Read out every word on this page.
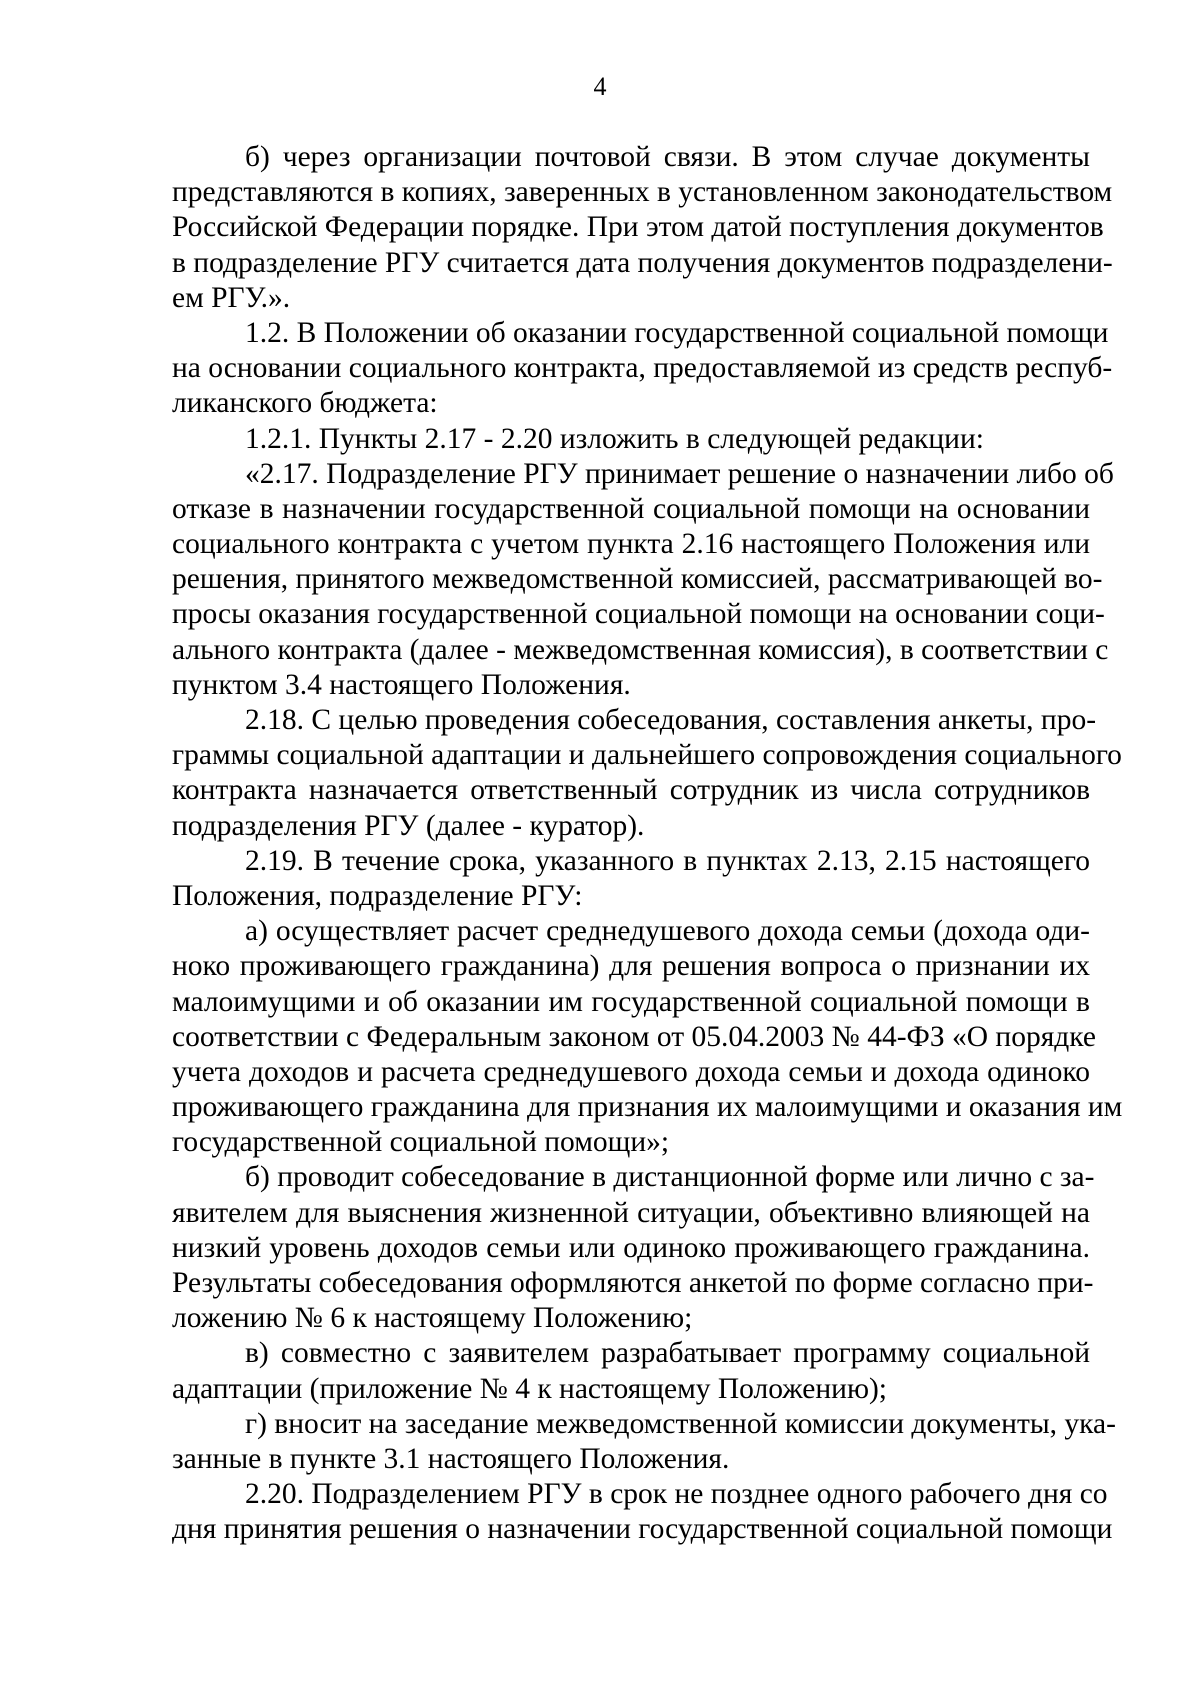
4
б) через организации почтовой связи. В этом случае документы
представляются в копиях, заверенных в установленном законодательством
Российской Федерации порядке. При этом датой поступления документов
в подразделение РГУ считается дата получения документов подразделени-
ем РГУ.».
1.2. В Положении об оказании государственной социальной помощи
на основании социального контракта, предоставляемой из средств респуб-
ликанского бюджета:
1.2.1. Пункты 2.17 - 2.20 изложить в следующей редакции:
«2.17. Подразделение РГУ принимает решение о назначении либо об
отказе в назначении государственной социальной помощи на основании
социального контракта с учетом пункта 2.16 настоящего Положения или
решения, принятого межведомственной комиссией, рассматривающей во-
просы оказания государственной социальной помощи на основании соци-
ального контракта (далее - межведомственная комиссия), в соответствии с
пунктом 3.4 настоящего Положения.
2.18. С целью проведения собеседования, составления анкеты, про-
граммы социальной адаптации и дальнейшего сопровождения социального
контракта назначается ответственный сотрудник из числа сотрудников
подразделения РГУ (далее - куратор).
2.19. В течение срока, указанного в пунктах 2.13, 2.15 настоящего
Положения, подразделение РГУ:
а) осуществляет расчет среднедушевого дохода семьи (дохода оди-
ноко проживающего гражданина) для решения вопроса о признании их
малоимущими и об оказании им государственной социальной помощи в
соответствии с Федеральным законом от 05.04.2003 № 44-ФЗ «О порядке
учета доходов и расчета среднедушевого дохода семьи и дохода одиноко
проживающего гражданина для признания их малоимущими и оказания им
государственной социальной помощи»;
б) проводит собеседование в дистанционной форме или лично с за-
явителем для выяснения жизненной ситуации, объективно влияющей на
низкий уровень доходов семьи или одиноко проживающего гражданина.
Результаты собеседования оформляются анкетой по форме согласно при-
ложению № 6 к настоящему Положению;
в) совместно с заявителем разрабатывает программу социальной
адаптации (приложение № 4 к настоящему Положению);
г) вносит на заседание межведомственной комиссии документы, ука-
занные в пункте 3.1 настоящего Положения.
2.20. Подразделением РГУ в срок не позднее одного рабочего дня со
дня принятия решения о назначении государственной социальной помощи
